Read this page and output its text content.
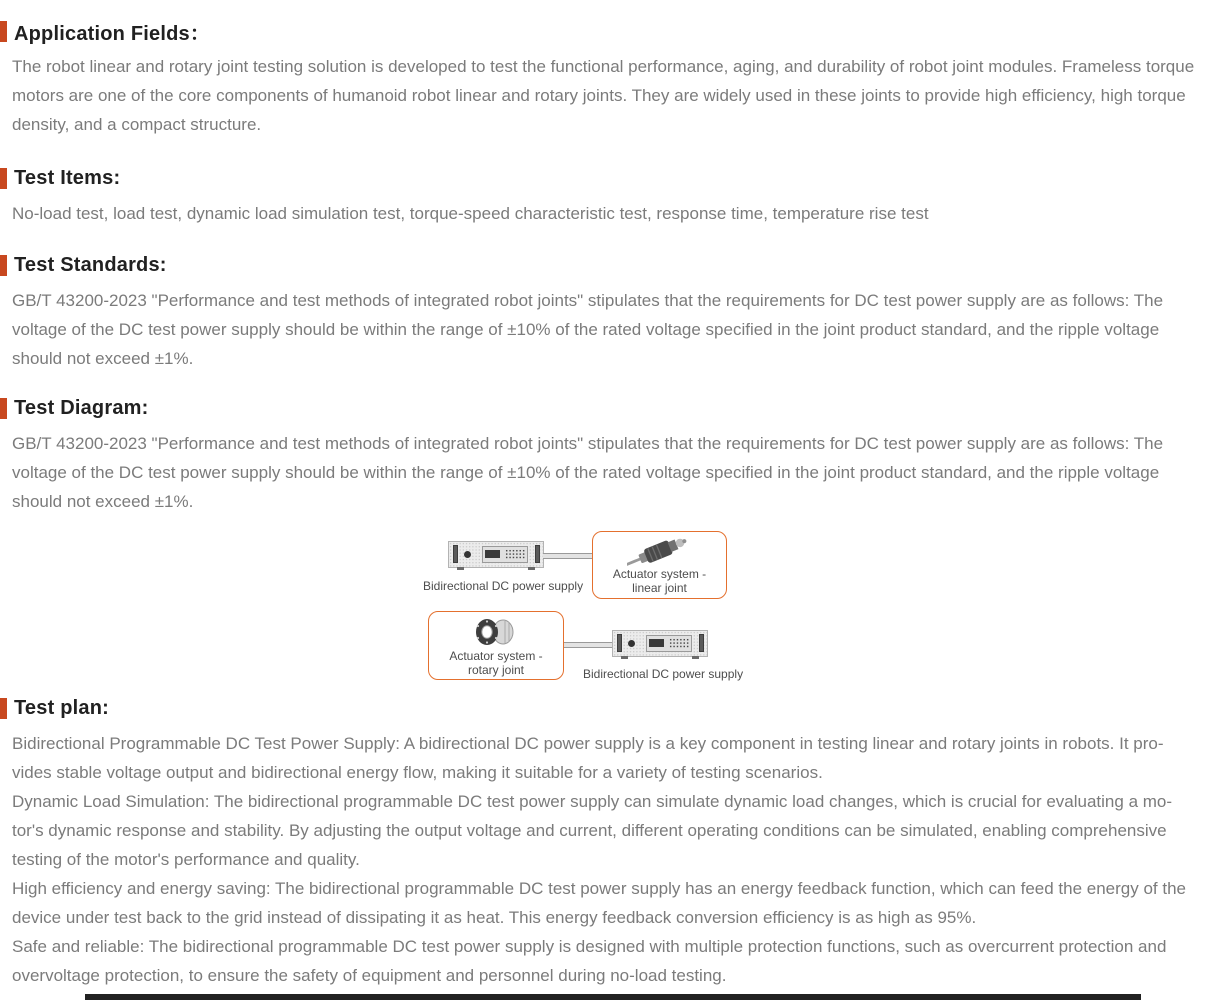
Application Fields：
The robot linear and rotary joint testing solution is developed to test the functional performance, aging, and durability of robot joint modules. Frameless torque
motors are one of the core components of humanoid robot linear and rotary joints. They are widely used in these joints to provide high efficiency, high torque
density, and a compact structure.
Test Items:
No-load test, load test, dynamic load simulation test, torque-speed characteristic test, response time, temperature rise test
Test Standards:
GB/T 43200-2023 "Performance and test methods of integrated robot joints" stipulates that the requirements for DC test power supply are as follows: The
voltage of the DC test power supply should be within the range of ±10% of the rated voltage specified in the joint product standard, and the ripple voltage
should not exceed ±1%.
Test Diagram:
GB/T 43200-2023 "Performance and test methods of integrated robot joints" stipulates that the requirements for DC test power supply are as follows: The
voltage of the DC test power supply should be within the range of ±10% of the rated voltage specified in the joint product standard, and the ripple voltage
should not exceed ±1%.
Bidirectional DC power supply
Actuator system - linear joint
Actuator system - rotary joint	Bidirectional DC power supply
Test plan:
Bidirectional Programmable DC Test Power Supply: A bidirectional DC power supply is a key component in testing linear and rotary joints in robots. It pro-
vides stable voltage output and bidirectional energy flow, making it suitable for a variety of testing scenarios.
Dynamic Load Simulation: The bidirectional programmable DC test power supply can simulate dynamic load changes, which is crucial for evaluating a mo-
tor's dynamic response and stability. By adjusting the output voltage and current, different operating conditions can be simulated, enabling comprehensive
testing of the motor's performance and quality.
High efficiency and energy saving: The bidirectional programmable DC test power supply has an energy feedback function, which can feed the energy of the
device under test back to the grid instead of dissipating it as heat. This energy feedback conversion efficiency is as high as 95%.
Safe and reliable: The bidirectional programmable DC test power supply is designed with multiple protection functions, such as overcurrent protection and
overvoltage protection, to ensure the safety of equipment and personnel during no-load testing.
